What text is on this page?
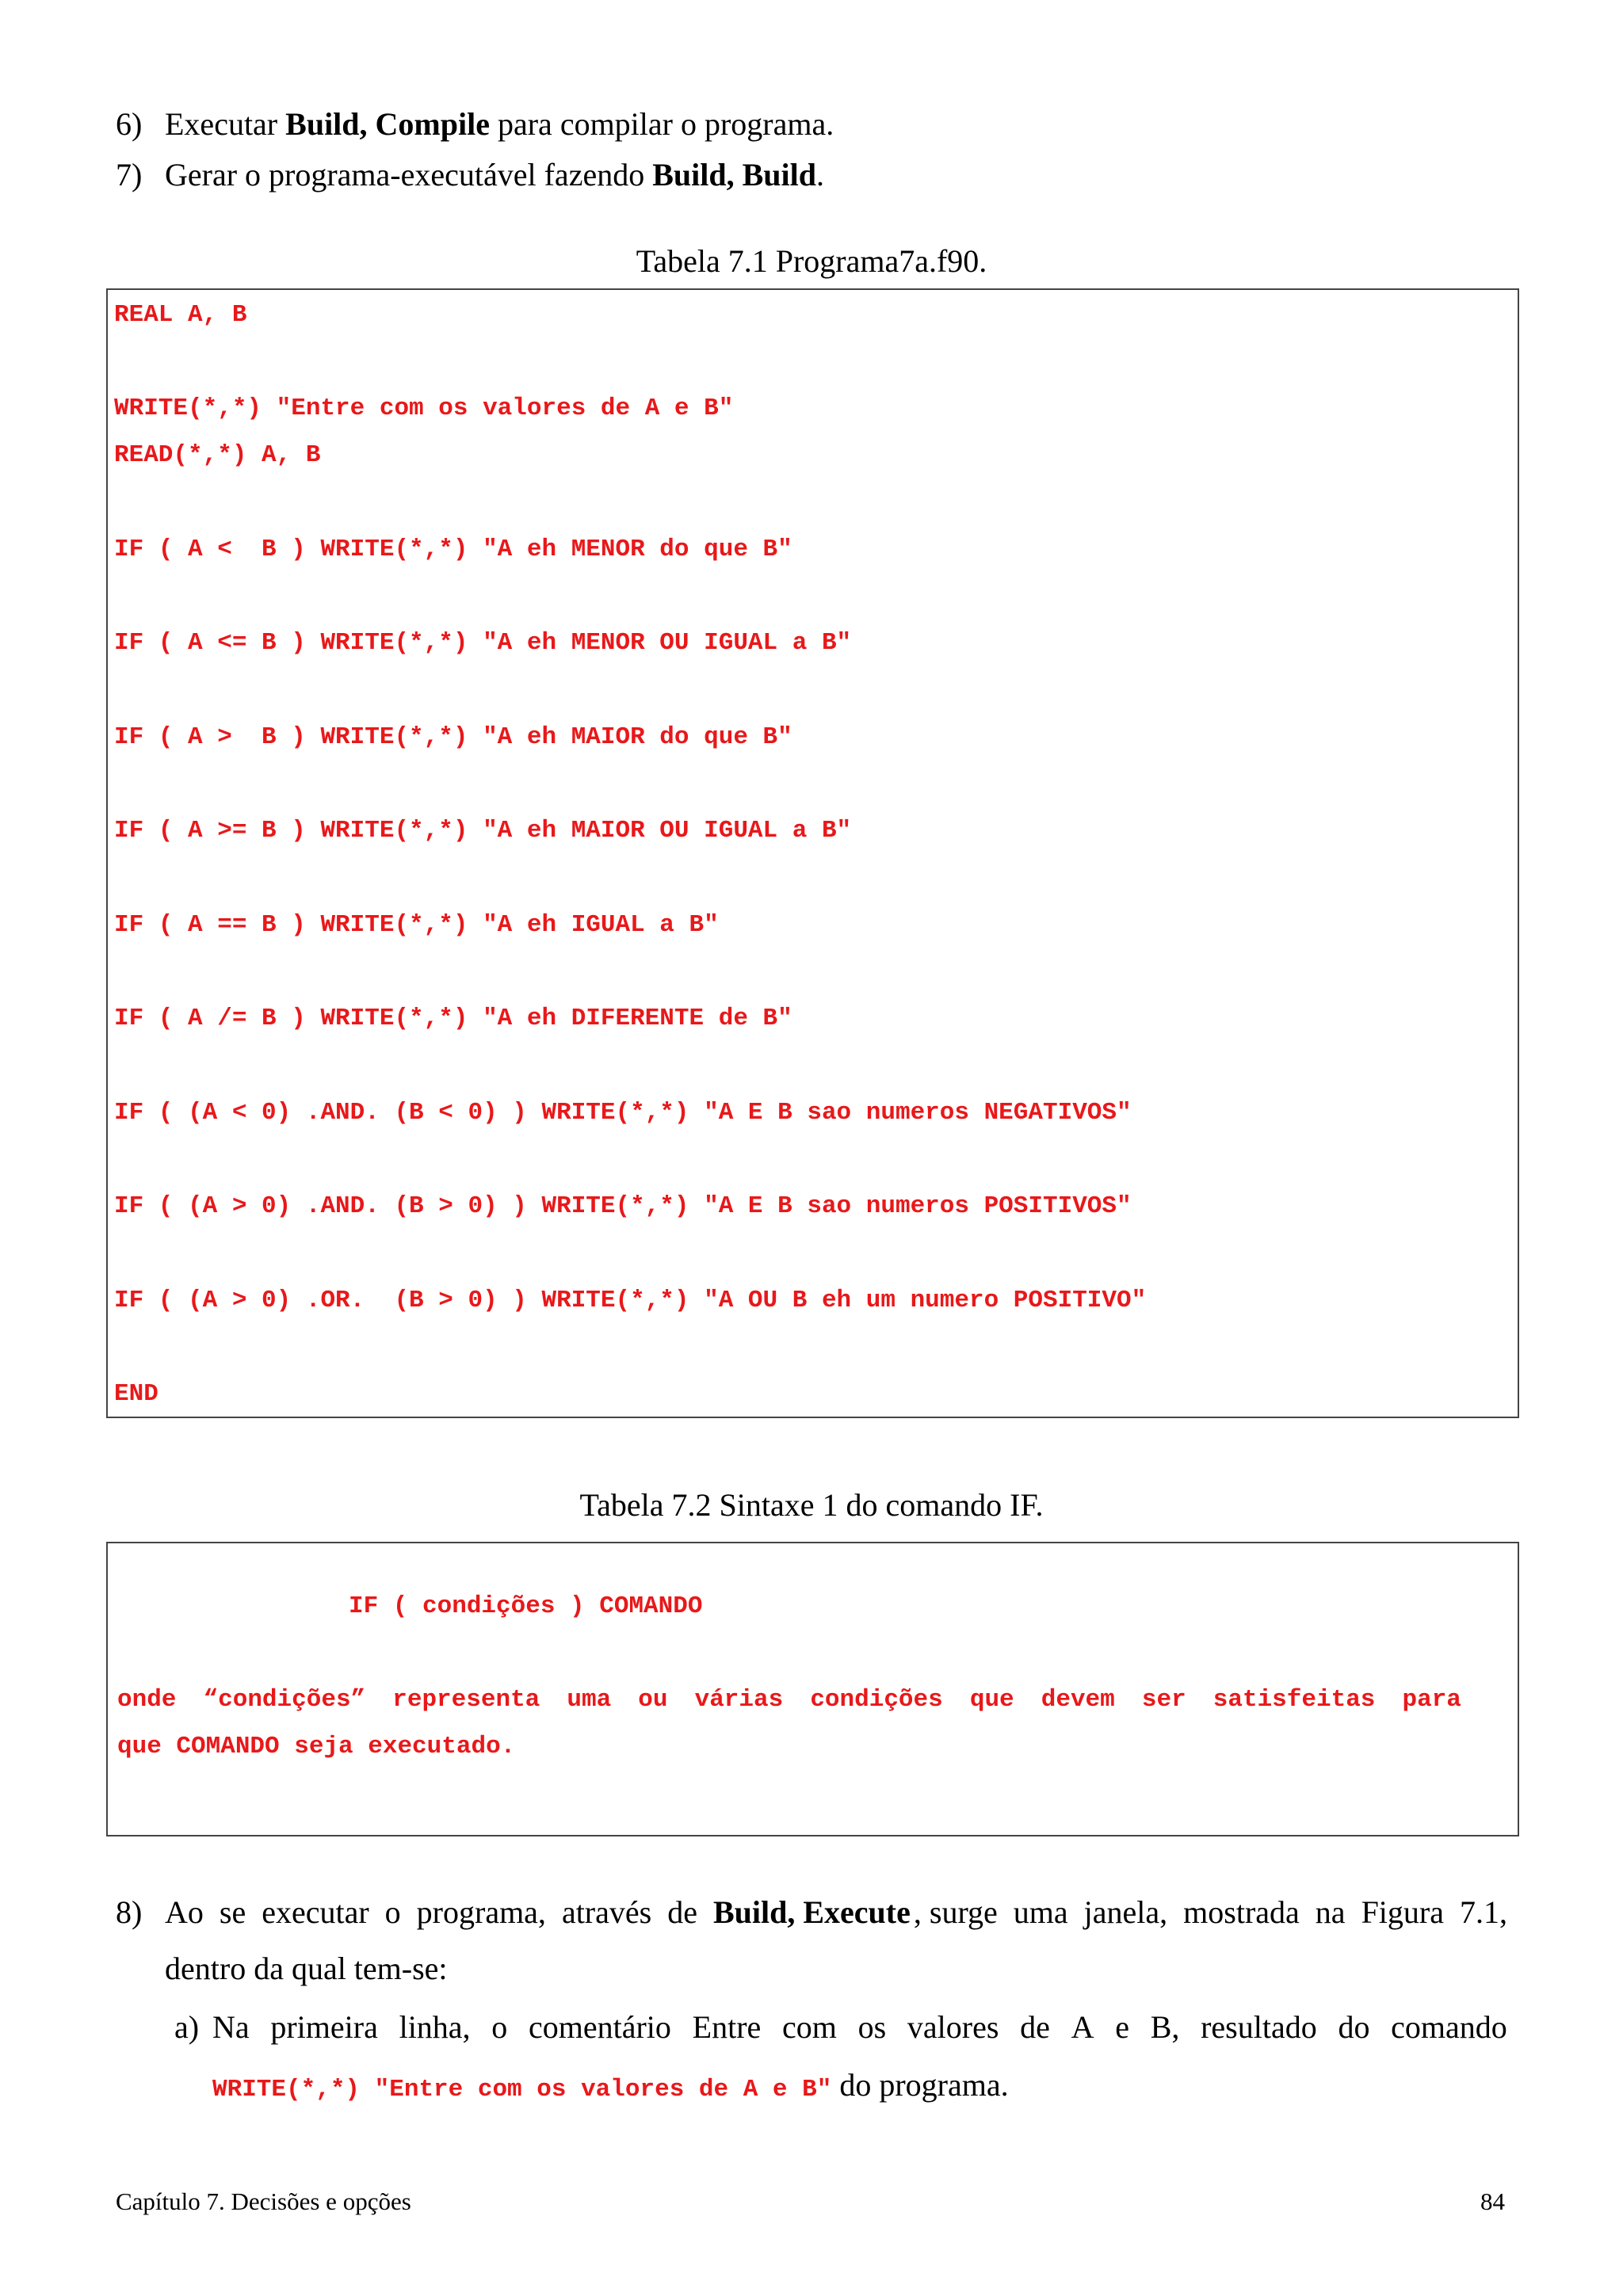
6) Executar Build, Compile para compilar o programa.
7) Gerar o programa-executável fazendo Build, Build.
Tabela 7.1 Programa7a.f90.
REAL A, B
WRITE(*,*) "Entre com os valores de A e B"
READ(*,*) A, B
IF ( A <  B ) WRITE(*,*) "A eh MENOR do que B"
IF ( A <= B ) WRITE(*,*) "A eh MENOR OU IGUAL a B"
IF ( A >  B ) WRITE(*,*) "A eh MAIOR do que B"
IF ( A >= B ) WRITE(*,*) "A eh MAIOR OU IGUAL a B"
IF ( A == B ) WRITE(*,*) "A eh IGUAL a B"
IF ( A /= B ) WRITE(*,*) "A eh DIFERENTE de B"
IF ( (A < 0) .AND. (B < 0) ) WRITE(*,*) "A E B sao numeros NEGATIVOS"
IF ( (A > 0) .AND. (B > 0) ) WRITE(*,*) "A E B sao numeros POSITIVOS"
IF ( (A > 0) .OR.  (B > 0) ) WRITE(*,*) "A OU B eh um numero POSITIVO"
END
Tabela 7.2 Sintaxe 1 do comando IF.
IF ( condições ) COMANDO
onde “condições” representa uma ou várias condições que devem ser satisfeitas para
que COMANDO seja executado.
8) Ao se executar o programa, através de Build, Execute , surge uma janela, mostrada na Figura 7.1,
dentro da qual tem-se:
a) Na primeira linha, o comentário Entre com os valores de A e B, resultado do comando
WRITE(*,*) "Entre com os valores de A e B" do programa.
Capítulo 7. Decisões e opções	84
